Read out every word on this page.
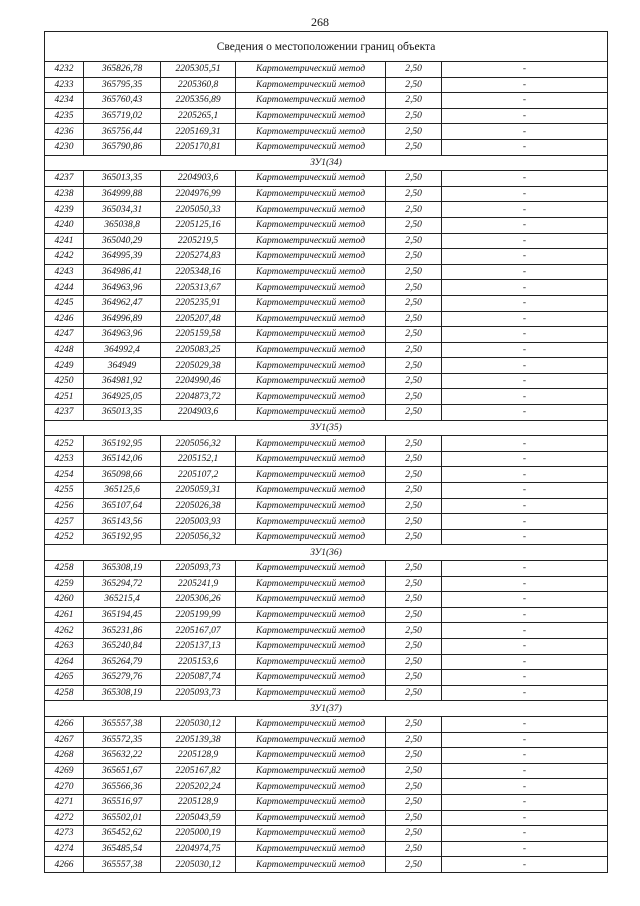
268
Сведения о местоположении границ объекта					
4232	365826,78	2205305,51	Картометрический метод	2,50	-
4233	365795,35	2205360,8	Картометрический метод	2,50	-
4234	365760,43	2205356,89	Картометрический метод	2,50	-
4235	365719,02	2205265,1	Картометрический метод	2,50	-
4236	365756,44	2205169,31	Картометрический метод	2,50	-
4230	365790,86	2205170,81	Картометрический метод	2,50	-
ЗУ1(34)					
4237	365013,35	2204903,6	Картометрический метод	2,50	-
4238	364999,88	2204976,99	Картометрический метод	2,50	-
4239	365034,31	2205050,33	Картометрический метод	2,50	-
4240	365038,8	2205125,16	Картометрический метод	2,50	-
4241	365040,29	2205219,5	Картометрический метод	2,50	-
4242	364995,39	2205274,83	Картометрический метод	2,50	-
4243	364986,41	2205348,16	Картометрический метод	2,50	-
4244	364963,96	2205313,67	Картометрический метод	2,50	-
4245	364962,47	2205235,91	Картометрический метод	2,50	-
4246	364996,89	2205207,48	Картометрический метод	2,50	-
4247	364963,96	2205159,58	Картометрический метод	2,50	-
4248	364992,4	2205083,25	Картометрический метод	2,50	-
4249	364949	2205029,38	Картометрический метод	2,50	-
4250	364981,92	2204990,46	Картометрический метод	2,50	-
4251	364925,05	2204873,72	Картометрический метод	2,50	-
4237	365013,35	2204903,6	Картометрический метод	2,50	-
ЗУ1(35)					
4252	365192,95	2205056,32	Картометрический метод	2,50	-
4253	365142,06	2205152,1	Картометрический метод	2,50	-
4254	365098,66	2205107,2	Картометрический метод	2,50	-
4255	365125,6	2205059,31	Картометрический метод	2,50	-
4256	365107,64	2205026,38	Картометрический метод	2,50	-
4257	365143,56	2205003,93	Картометрический метод	2,50	-
4252	365192,95	2205056,32	Картометрический метод	2,50	-
ЗУ1(36)					
4258	365308,19	2205093,73	Картометрический метод	2,50	-
4259	365294,72	2205241,9	Картометрический метод	2,50	-
4260	365215,4	2205306,26	Картометрический метод	2,50	-
4261	365194,45	2205199,99	Картометрический метод	2,50	-
4262	365231,86	2205167,07	Картометрический метод	2,50	-
4263	365240,84	2205137,13	Картометрический метод	2,50	-
4264	365264,79	2205153,6	Картометрический метод	2,50	-
4265	365279,76	2205087,74	Картометрический метод	2,50	-
4258	365308,19	2205093,73	Картометрический метод	2,50	-
ЗУ1(37)					
4266	365557,38	2205030,12	Картометрический метод	2,50	-
4267	365572,35	2205139,38	Картометрический метод	2,50	-
4268	365632,22	2205128,9	Картометрический метод	2,50	-
4269	365651,67	2205167,82	Картометрический метод	2,50	-
4270	365566,36	2205202,24	Картометрический метод	2,50	-
4271	365516,97	2205128,9	Картометрический метод	2,50	-
4272	365502,01	2205043,59	Картометрический метод	2,50	-
4273	365452,62	2205000,19	Картометрический метод	2,50	-
4274	365485,54	2204974,75	Картометрический метод	2,50	-
4266	365557,38	2205030,12	Картометрический метод	2,50	-
